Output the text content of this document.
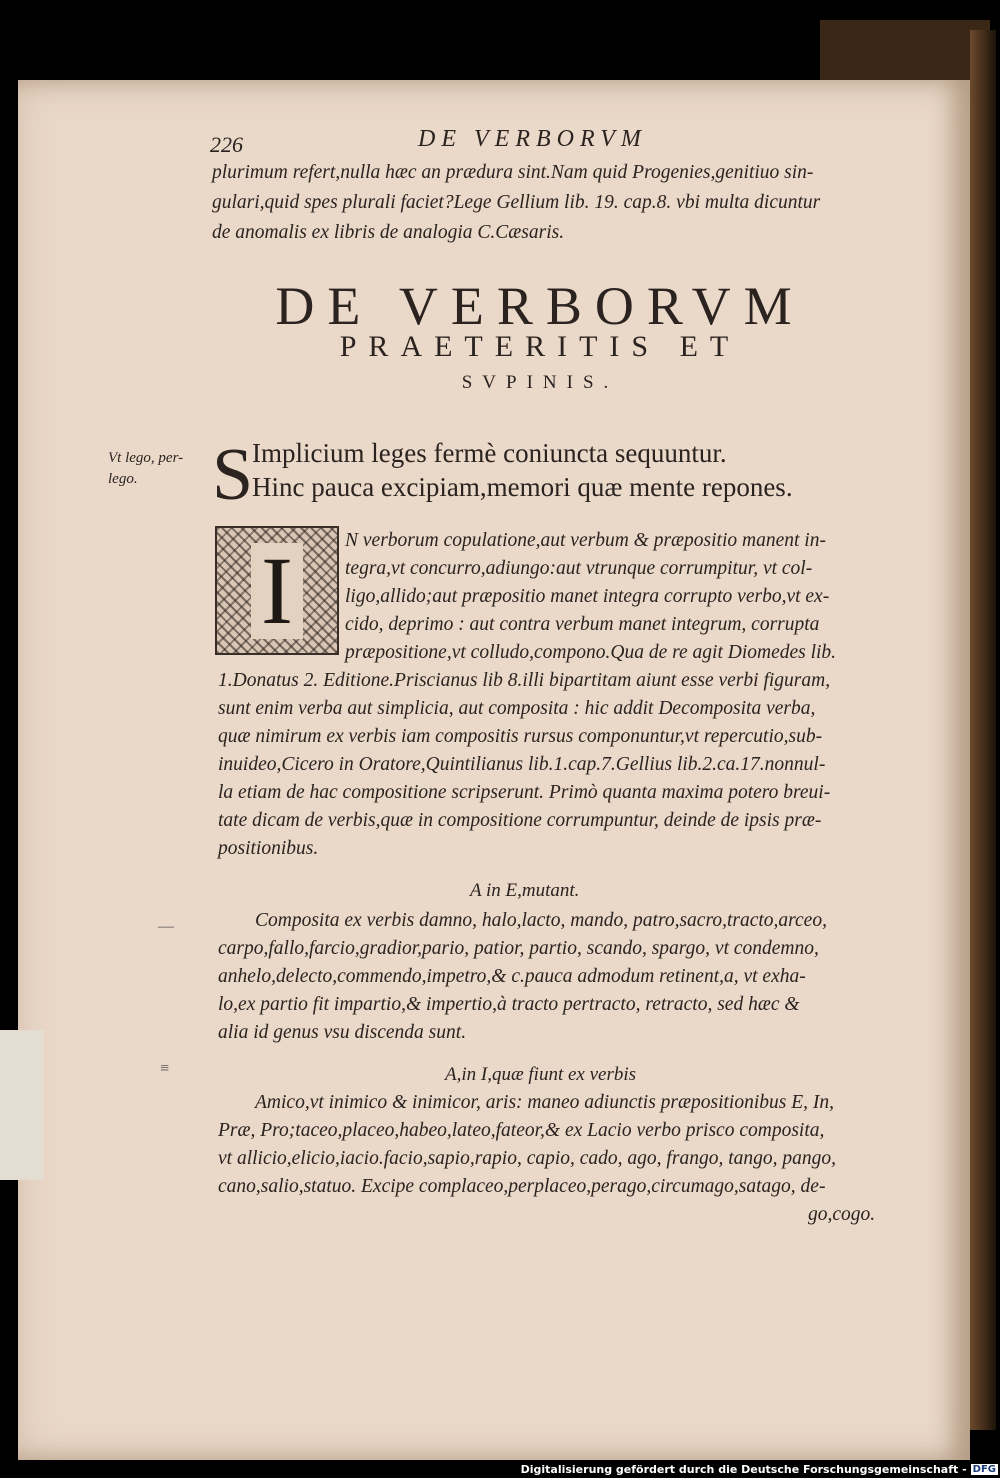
226	DE VERBORVM
plurimum refert,nulla hæc an prædura sint.Nam quid Progenies,genitiuo sin-
gulari,quid spes plurali faciet?Lege Gellium lib. 19. cap.8. vbi multa dicuntur
de anomalis ex libris de analogia C.Cæsaris.
DE VERBORVM
PRAETERITIS ET
SVPINIS.
Vt lego, per-
lego.	S
Implicium leges fermè coniuncta sequuntur.
Hinc pauca excipiam,memori quæ mente repones.
I	N verborum copulatione,aut verbum & præpositio manent in-
tegra,vt concurro,adiungo:aut vtrunque corrumpitur, vt col-
ligo,allido;aut præpositio manet integra corrupto verbo,vt ex-
cido, deprimo : aut contra verbum manet integrum, corrupta
præpositione,vt colludo,compono.Qua de re agit Diomedes lib.
1.Donatus 2. Editione.Priscianus lib 8.illi bipartitam aiunt esse verbi figuram,
sunt enim verba aut simplicia, aut composita : hic addit Decomposita verba,
quæ nimirum ex verbis iam compositis rursus componuntur,vt repercutio,sub-
inuideo,Cicero in Oratore,Quintilianus lib.1.cap.7.Gellius lib.2.ca.17.nonnul-
la etiam de hac compositione scripserunt. Primò quanta maxima potero breui-
tate dicam de verbis,quæ in compositione corrumpuntur, deinde de ipsis præ-
positionibus.
A in E,mutant.
—	Composita ex verbis damno, halo,lacto, mando, patro,sacro,tracto,arceo,
carpo,fallo,farcio,gradior,pario, patior, partio, scando, spargo, vt condemno,
anhelo,delecto,commendo,impetro,& c.pauca admodum retinent,a, vt exha-
lo,ex partio fit impartio,& impertio,à tracto pertracto, retracto, sed hæc &
alia id genus vsu discenda sunt.
A,in I,quæ fiunt ex verbis
≡
Amico,vt inimico & inimicor, aris: maneo adiunctis præpositionibus E, In,
Præ, Pro;taceo,placeo,habeo,lateo,fateor,& ex Lacio verbo prisco composita,
vt allicio,elicio,iacio.facio,sapio,rapio, capio, cado, ago, frango, tango, pango,
cano,salio,statuo. Excipe complaceo,perplaceo,perago,circumago,satago, de-
go,cogo.
Digitalisierung gefördert durch die Deutsche Forschungsgemeinschaft - DFG
